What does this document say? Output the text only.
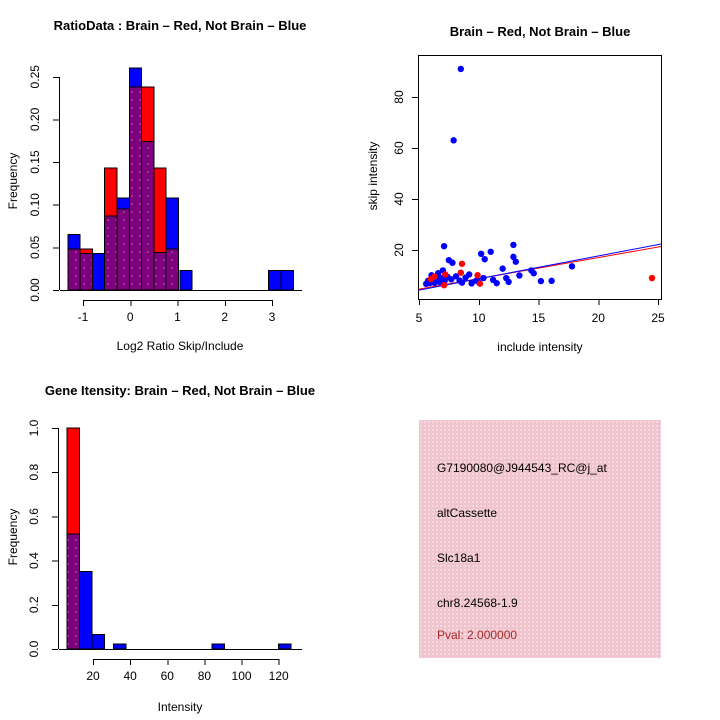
-1	0	1	2	3
0.00
0.05
0.10
0.15
0.20
0.25
5	10	15	20	25
20
40
60
80
20 40 60 80 100 120
0.0
0.2
0.4
0.6
0.8
1.0
RatioData : Brain – Red, Not Brain – Blue	Brain – Red, Not Brain – Blue
Gene Itensity: Brain – Red, Not Brain – Blue
Log2 Ratio Skip/Include
Frequency
include intensity
skip intensity
Intensity
Frequency
G7190080@J944543_RC@j_at
altCassette
Slc18a1
chr8.24568-1.9
Pval: 2.000000
